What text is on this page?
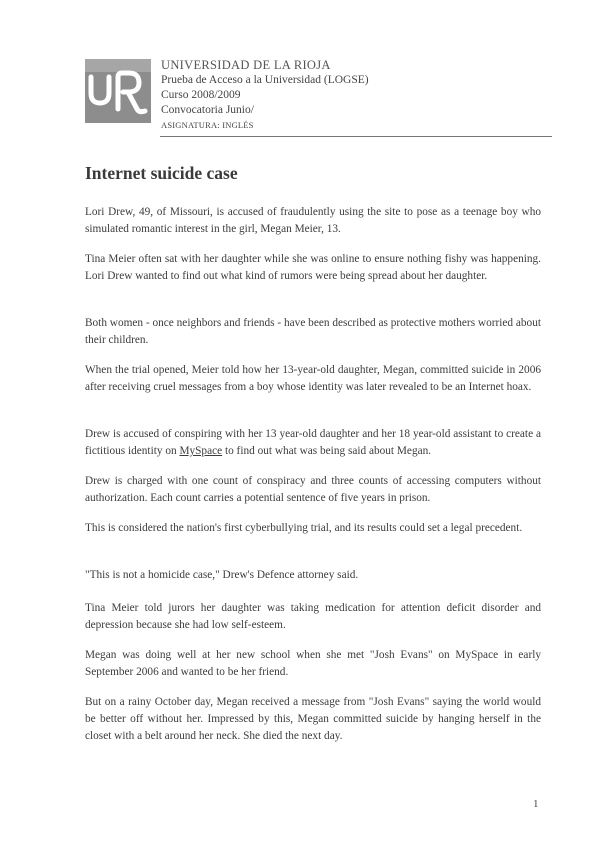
UNIVERSIDAD DE LA RIOJA
Prueba de Acceso a la Universidad (LOGSE)
Curso 2008/2009
Convocatoria Junio/
ASIGNATURA: INGLÉS
Internet suicide case

Lori Drew, 49, of Missouri, is accused of fraudulently using the site to pose as a teenage boy who simulated romantic interest in the girl, Megan Meier, 13.

Tina Meier often sat with her daughter while she was online to ensure nothing fishy was happening. Lori Drew wanted to find out what kind of rumors were being spread about her daughter.

Both women - once neighbors and friends - have been described as protective mothers worried about their children.

When the trial opened, Meier told how her 13-year-old daughter, Megan, committed suicide in 2006 after receiving cruel messages from a boy whose identity was later revealed to be an Internet hoax.

Drew is accused of conspiring with her 13 year-old daughter and her 18 year-old assistant to create a fictitious identity on MySpace to find out what was being said about Megan.

Drew is charged with one count of conspiracy and three counts of accessing computers without authorization. Each count carries a potential sentence of five years in prison.

This is considered the nation's first cyberbullying trial, and its results could set a legal precedent.

"This is not a homicide case," Drew's Defence attorney said.

Tina Meier told jurors her daughter was taking medication for attention deficit disorder and depression because she had low self-esteem.

Megan was doing well at her new school when she met "Josh Evans" on MySpace in early September 2006 and wanted to be her friend.

But on a rainy October day, Megan received a message from "Josh Evans" saying the world would be better off without her. Impressed by this, Megan committed suicide by hanging herself in the closet with a belt around her neck. She died the next day.

1
